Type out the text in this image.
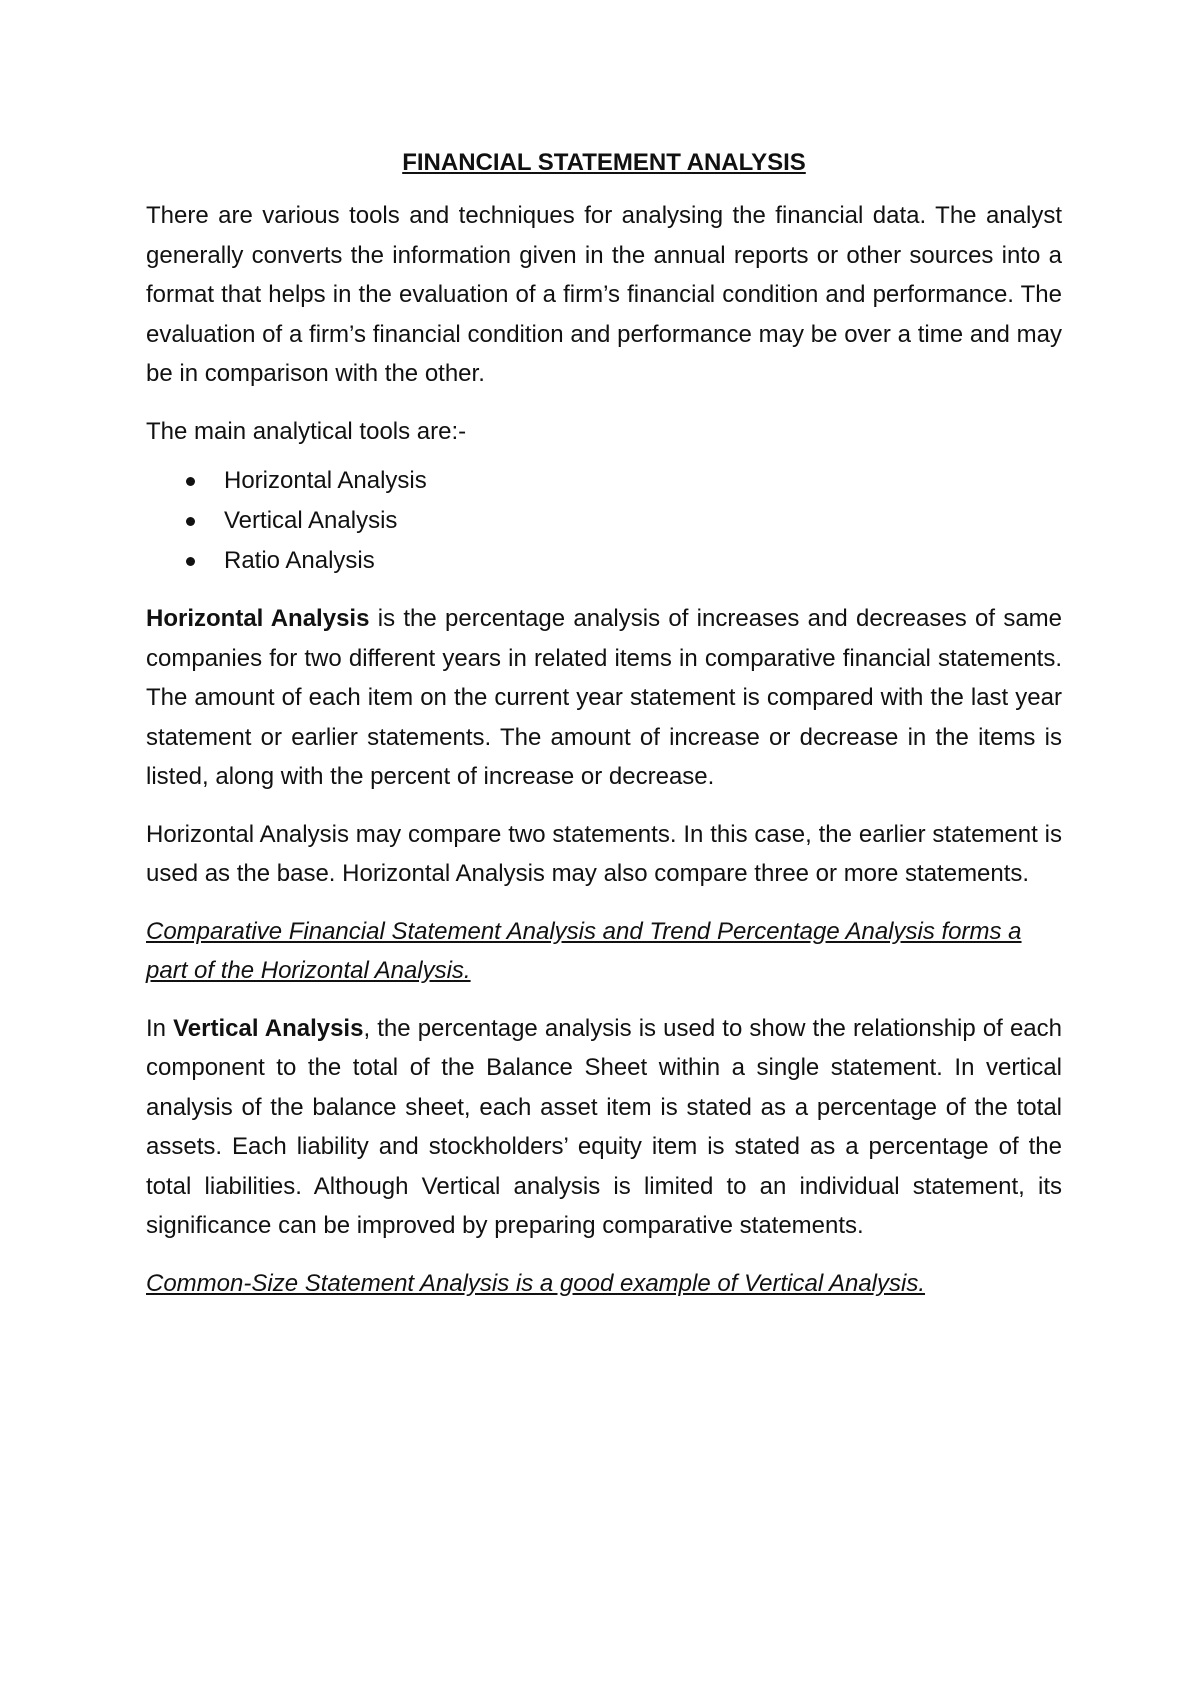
FINANCIAL STATEMENT ANALYSIS

There are various tools and techniques for analysing the financial data. The analyst generally converts the information given in the annual reports or other sources into a format that helps in the evaluation of a firm’s financial condition and performance. The evaluation of a firm’s financial condition and performance may be over a time and may be in comparison with the other.

The main analytical tools are:-

Horizontal Analysis
Vertical Analysis
Ratio Analysis

Horizontal Analysis is the percentage analysis of increases and decreases of same companies for two different years in related items in comparative financial statements. The amount of each item on the current year statement is compared with the last year statement or earlier statements. The amount of increase or decrease in the items is listed, along with the percent of increase or decrease.

Horizontal Analysis may compare two statements. In this case, the earlier statement is used as the base. Horizontal Analysis may also compare three or more statements.

Comparative Financial Statement Analysis and Trend Percentage Analysis forms a part of the Horizontal Analysis.

In Vertical Analysis, the percentage analysis is used to show the relationship of each component to the total of the Balance Sheet within a single statement. In vertical analysis of the balance sheet, each asset item is stated as a percentage of the total assets. Each liability and stockholders’ equity item is stated as a percentage of the total liabilities. Although Vertical analysis is limited to an individual statement, its significance can be improved by preparing comparative statements.

Common-Size Statement Analysis is a good example of Vertical Analysis.
